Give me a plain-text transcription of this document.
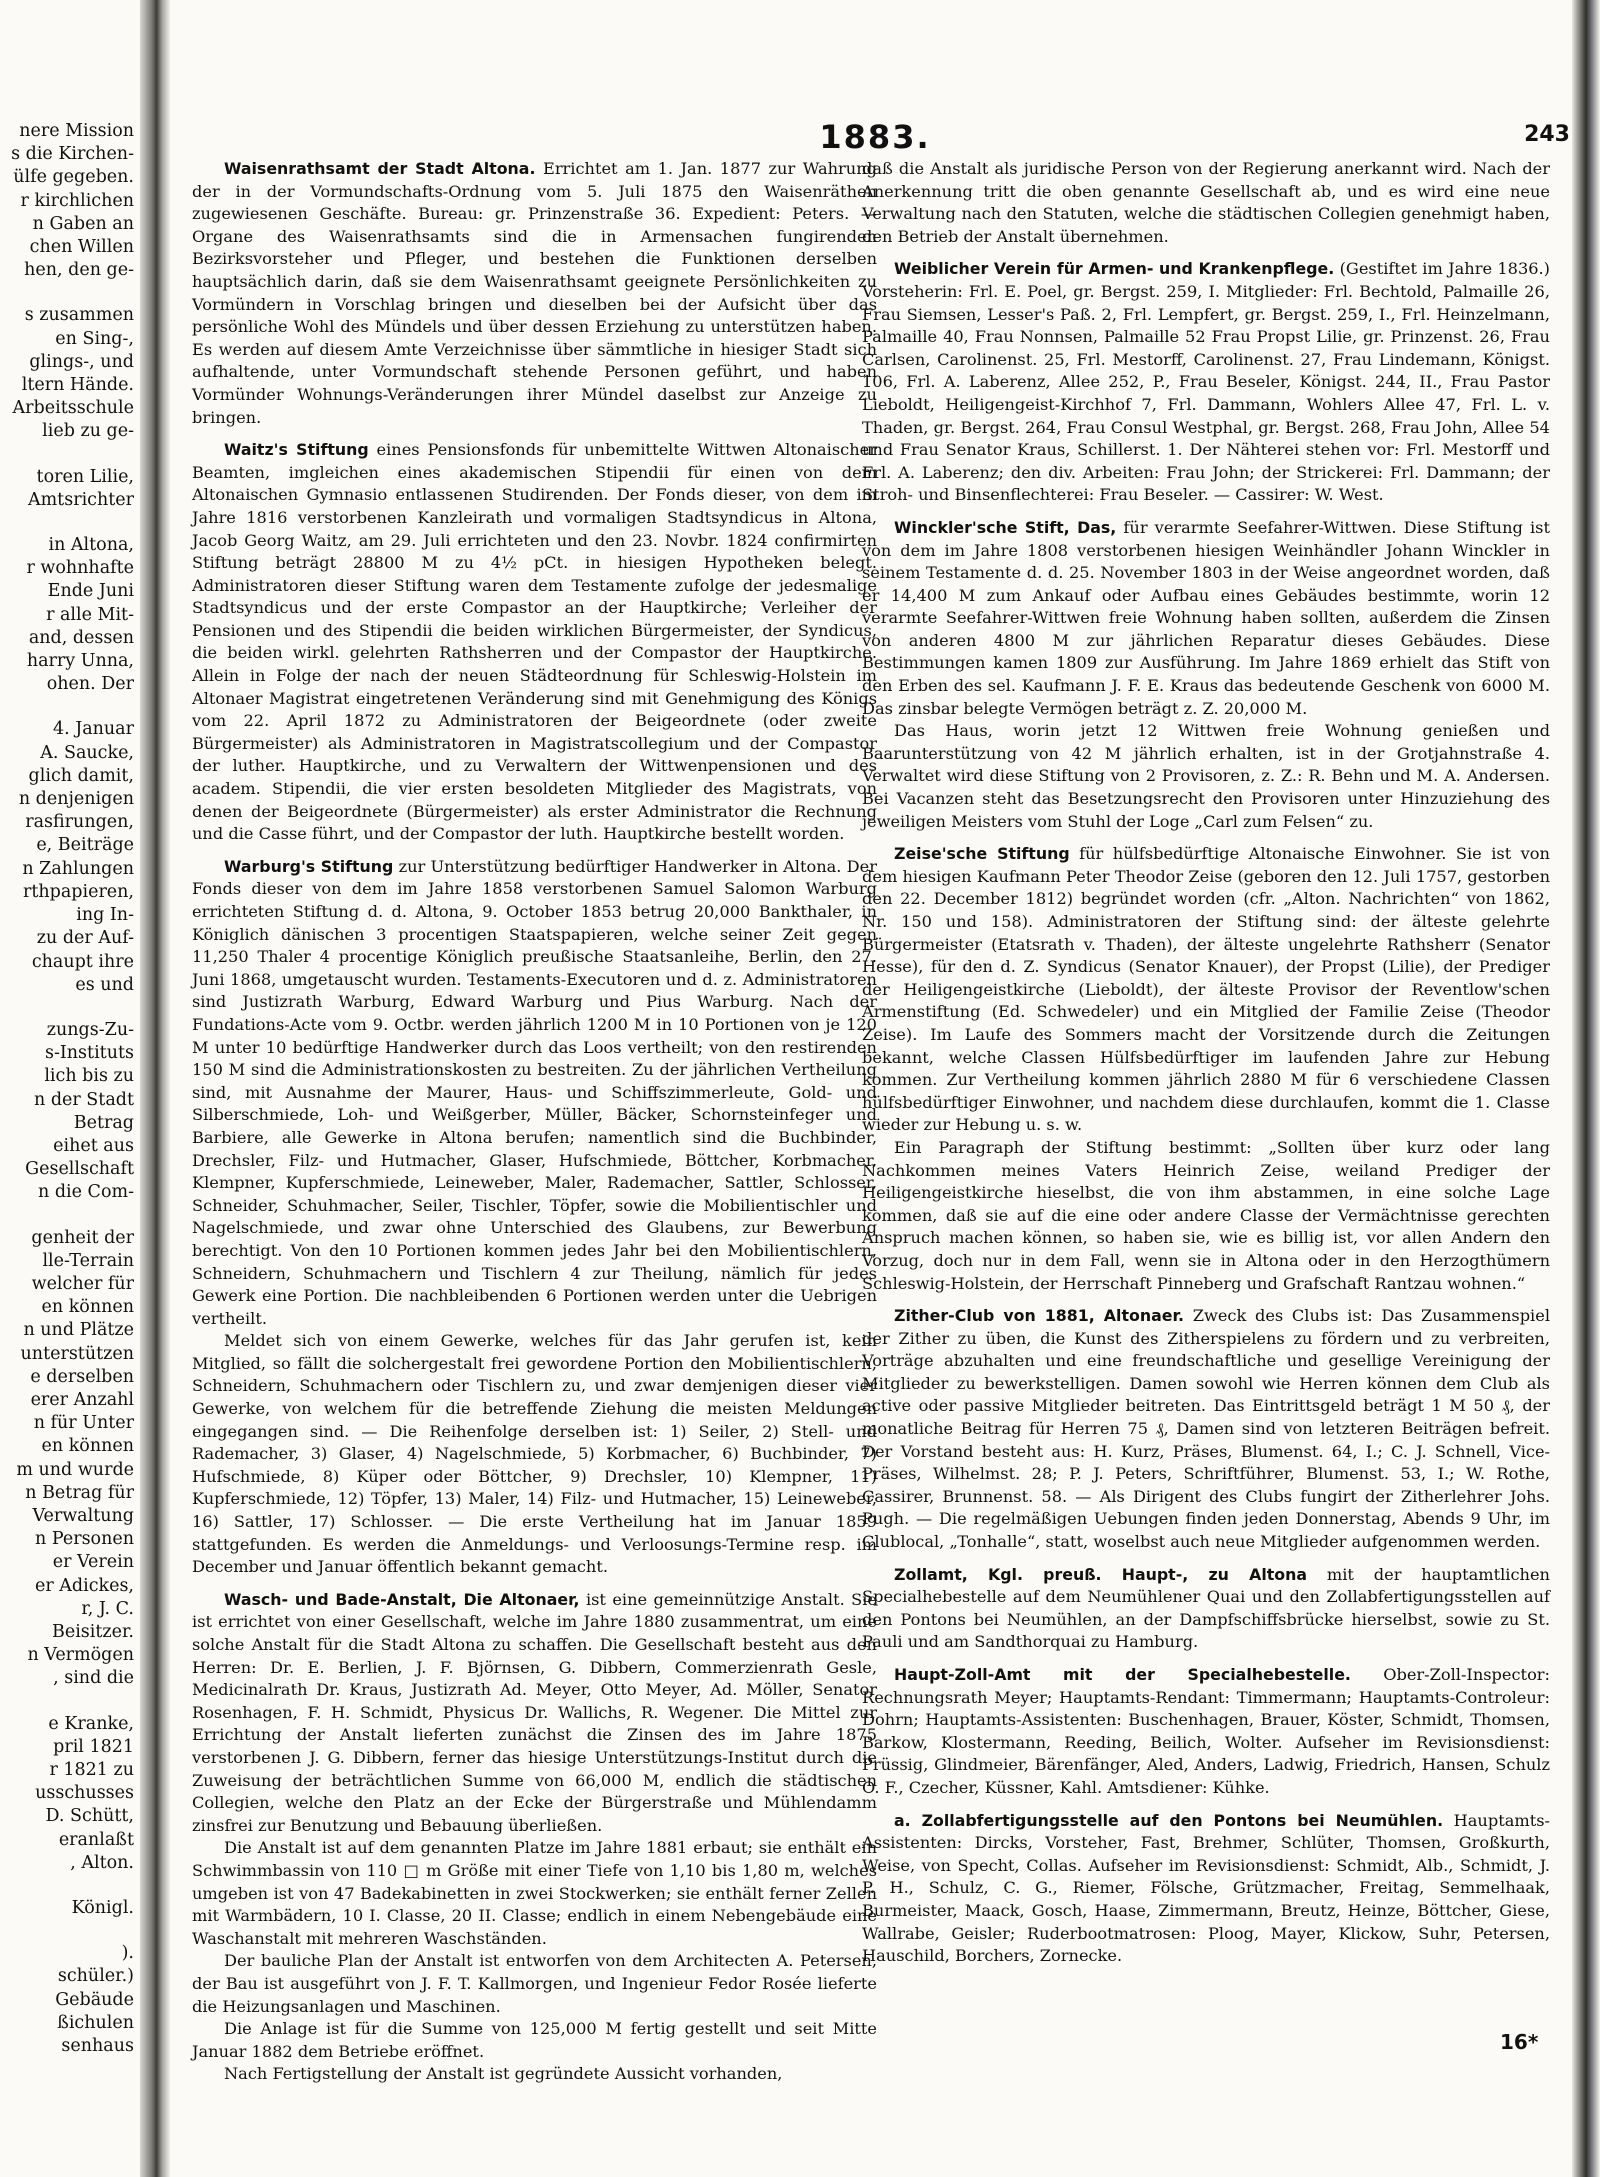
nere Mission
s die Kirchen-
ülfe gegeben.
r kirchlichen
n Gaben an
chen Willen
hen, den ge-
s zusammen
en Sing-,
glings-, und
ltern Hände.
Arbeitsschule
lieb zu ge-
toren Lilie,
Amtsrichter
in Altona,
r wohnhafte
Ende Juni
r alle Mit-
and, dessen
harry Unna,
ohen. Der
4. Januar
A. Saucke,
glich damit,
n denjenigen
rasfirungen,
e, Beiträge
n Zahlungen
rthpapieren,
ing In-
zu der Auf-
chaupt ihre
es und
zungs-Zu-
s-Instituts
lich bis zu
n der Stadt
Betrag
eihet aus
Gesellschaft
n die Com-
genheit der
lle-Terrain
welcher für
en können
n und Plätze
unterstützen
e derselben
erer Anzahl
n für Unter
en können
m und wurde
n Betrag für
Verwaltung
n Personen
er Verein
er Adickes,
r, J. C.
Beisitzer.
n Vermögen
, sind die
e Kranke,
pril 1821
r 1821 zu
usschusses
D. Schütt,
eranlaßt
, Alton.
Königl.
).
schüler.)
Gebäude
ßichulen
senhaus
1883.	243

Waisenrathsamt der Stadt Altona. Errichtet am 1. Jan. 1877 zur Wahrung der in der Vormundschafts-Ordnung vom 5. Juli 1875 den Waisenräthen zugewiesenen Geschäfte. Bureau: gr. Prinzenstraße 36. Expedient: Peters. — Organe des Waisenrathsamts sind die in Armensachen fungirenden Bezirksvorsteher und Pfleger, und bestehen die Funktionen derselben hauptsächlich darin, daß sie dem Waisenrathsamt geeignete Persönlichkeiten zu Vormündern in Vorschlag bringen und dieselben bei der Aufsicht über das persönliche Wohl des Mündels und über dessen Erziehung zu unterstützen haben. Es werden auf diesem Amte Verzeichnisse über sämmtliche in hiesiger Stadt sich aufhaltende, unter Vormundschaft stehende Personen geführt, und haben Vormünder Wohnungs-Veränderungen ihrer Mündel daselbst zur Anzeige zu bringen.

Waitz's Stiftung eines Pensionsfonds für unbemittelte Wittwen Altonaischer Beamten, imgleichen eines akademischen Stipendii für einen von dem Altonaischen Gymnasio entlassenen Studirenden. Der Fonds dieser, von dem im Jahre 1816 verstorbenen Kanzleirath und vormaligen Stadtsyndicus in Altona, Jacob Georg Waitz, am 29. Juli errichteten und den 23. Novbr. 1824 confirmirten Stiftung beträgt 28800 M zu 4½ pCt. in hiesigen Hypotheken belegt. Administratoren dieser Stiftung waren dem Testamente zufolge der jedesmalige Stadtsyndicus und der erste Compastor an der Hauptkirche; Verleiher der Pensionen und des Stipendii die beiden wirklichen Bürgermeister, der Syndicus, die beiden wirkl. gelehrten Rathsherren und der Compastor der Hauptkirche. Allein in Folge der nach der neuen Städteordnung für Schleswig-Holstein im Altonaer Magistrat eingetretenen Veränderung sind mit Genehmigung des Königs vom 22. April 1872 zu Administratoren der Beigeordnete (oder zweite Bürgermeister) als Administratoren in Magistratscollegium und der Compastor der luther. Hauptkirche, und zu Verwaltern der Wittwenpensionen und des academ. Stipendii, die vier ersten besoldeten Mitglieder des Magistrats, von denen der Beigeordnete (Bürgermeister) als erster Administrator die Rechnung und die Casse führt, und der Compastor der luth. Hauptkirche bestellt worden.

Warburg's Stiftung zur Unterstützung bedürftiger Handwerker in Altona. Der Fonds dieser von dem im Jahre 1858 verstorbenen Samuel Salomon Warburg errichteten Stiftung d. d. Altona, 9. October 1853 betrug 20,000 Bankthaler, in Königlich dänischen 3 procentigen Staatspapieren, welche seiner Zeit gegen 11,250 Thaler 4 procentige Königlich preußische Staatsanleihe, Berlin, den 27. Juni 1868, umgetauscht wurden. Testaments-Executoren und d. z. Administratoren sind Justizrath Warburg, Edward Warburg und Pius Warburg. Nach der Fundations-Acte vom 9. Octbr. werden jährlich 1200 M in 10 Portionen von je 120 M unter 10 bedürftige Handwerker durch das Loos vertheilt; von den restirenden 150 M sind die Administrationskosten zu bestreiten. Zu der jährlichen Vertheilung sind, mit Ausnahme der Maurer, Haus- und Schiffszimmerleute, Gold- und Silberschmiede, Loh- und Weißgerber, Müller, Bäcker, Schornsteinfeger und Barbiere, alle Gewerke in Altona berufen; namentlich sind die Buchbinder, Drechsler, Filz- und Hutmacher, Glaser, Hufschmiede, Böttcher, Korbmacher, Klempner, Kupferschmiede, Leineweber, Maler, Rademacher, Sattler, Schlosser, Schneider, Schuhmacher, Seiler, Tischler, Töpfer, sowie die Mobilientischler und Nagelschmiede, und zwar ohne Unterschied des Glaubens, zur Bewerbung berechtigt. Von den 10 Portionen kommen jedes Jahr bei den Mobilientischlern, Schneidern, Schuhmachern und Tischlern 4 zur Theilung, nämlich für jedes Gewerk eine Portion. Die nachbleibenden 6 Portionen werden unter die Uebrigen vertheilt.

Meldet sich von einem Gewerke, welches für das Jahr gerufen ist, kein Mitglied, so fällt die solchergestalt frei gewordene Portion den Mobilientischlern, Schneidern, Schuhmachern oder Tischlern zu, und zwar demjenigen dieser vier Gewerke, von welchem für die betreffende Ziehung die meisten Meldungen eingegangen sind. — Die Reihenfolge derselben ist: 1) Seiler, 2) Stell- und Rademacher, 3) Glaser, 4) Nagelschmiede, 5) Korbmacher, 6) Buchbinder, 7) Hufschmiede, 8) Küper oder Böttcher, 9) Drechsler, 10) Klempner, 11) Kupferschmiede, 12) Töpfer, 13) Maler, 14) Filz- und Hutmacher, 15) Leineweber, 16) Sattler, 17) Schlosser. — Die erste Vertheilung hat im Januar 1859 stattgefunden. Es werden die Anmeldungs- und Verloosungs-Termine resp. im December und Januar öffentlich bekannt gemacht.

Wasch- und Bade-Anstalt, Die Altonaer, ist eine gemeinnützige Anstalt. Sie ist errichtet von einer Gesellschaft, welche im Jahre 1880 zusammentrat, um eine solche Anstalt für die Stadt Altona zu schaffen. Die Gesellschaft besteht aus den Herren: Dr. E. Berlien, J. F. Björnsen, G. Dibbern, Commerzienrath Gesle, Medicinalrath Dr. Kraus, Justizrath Ad. Meyer, Otto Meyer, Ad. Möller, Senator Rosenhagen, F. H. Schmidt, Physicus Dr. Wallichs, R. Wegener. Die Mittel zur Errichtung der Anstalt lieferten zunächst die Zinsen des im Jahre 1875 verstorbenen J. G. Dibbern, ferner das hiesige Unterstützungs-Institut durch die Zuweisung der beträchtlichen Summe von 66,000 M, endlich die städtischen Collegien, welche den Platz an der Ecke der Bürgerstraße und Mühlendamm zinsfrei zur Benutzung und Bebauung überließen.

Die Anstalt ist auf dem genannten Platze im Jahre 1881 erbaut; sie enthält ein Schwimmbassin von 110 □ m Größe mit einer Tiefe von 1,10 bis 1,80 m, welches umgeben ist von 47 Badekabinetten in zwei Stockwerken; sie enthält ferner Zellen mit Warmbädern, 10 I. Classe, 20 II. Classe; endlich in einem Nebengebäude eine Waschanstalt mit mehreren Waschständen.

Der bauliche Plan der Anstalt ist entworfen von dem Architecten A. Petersen, der Bau ist ausgeführt von J. F. T. Kallmorgen, und Ingenieur Fedor Rosée lieferte die Heizungsanlagen und Maschinen.

Die Anlage ist für die Summe von 125,000 M fertig gestellt und seit Mitte Januar 1882 dem Betriebe eröffnet.

Nach Fertigstellung der Anstalt ist gegründete Aussicht vorhanden,

daß die Anstalt als juridische Person von der Regierung anerkannt wird. Nach der Anerkennung tritt die oben genannte Gesellschaft ab, und es wird eine neue Verwaltung nach den Statuten, welche die städtischen Collegien genehmigt haben, den Betrieb der Anstalt übernehmen.

Weiblicher Verein für Armen- und Krankenpflege. (Gestiftet im Jahre 1836.) Vorsteherin: Frl. E. Poel, gr. Bergst. 259, I. Mitglieder: Frl. Bechtold, Palmaille 26, Frau Siemsen, Lesser's Paß. 2, Frl. Lempfert, gr. Bergst. 259, I., Frl. Heinzelmann, Palmaille 40, Frau Nonnsen, Palmaille 52 Frau Propst Lilie, gr. Prinzenst. 26, Frau Carlsen, Carolinenst. 25, Frl. Mestorff, Carolinenst. 27, Frau Lindemann, Königst. 106, Frl. A. Laberenz, Allee 252, P., Frau Beseler, Königst. 244, II., Frau Pastor Lieboldt, Heiligengeist-Kirchhof 7, Frl. Dammann, Wohlers Allee 47, Frl. L. v. Thaden, gr. Bergst. 264, Frau Consul Westphal, gr. Bergst. 268, Frau John, Allee 54 und Frau Senator Kraus, Schillerst. 1. Der Nähterei stehen vor: Frl. Mestorff und Frl. A. Laberenz; den div. Arbeiten: Frau John; der Strickerei: Frl. Dammann; der Stroh- und Binsenflechterei: Frau Beseler. — Cassirer: W. West.

Winckler'sche Stift, Das, für verarmte Seefahrer-Wittwen. Diese Stiftung ist von dem im Jahre 1808 verstorbenen hiesigen Weinhändler Johann Winckler in seinem Testamente d. d. 25. November 1803 in der Weise angeordnet worden, daß er 14,400 M zum Ankauf oder Aufbau eines Gebäudes bestimmte, worin 12 verarmte Seefahrer-Wittwen freie Wohnung haben sollten, außerdem die Zinsen von anderen 4800 M zur jährlichen Reparatur dieses Gebäudes. Diese Bestimmungen kamen 1809 zur Ausführung. Im Jahre 1869 erhielt das Stift von den Erben des sel. Kaufmann J. F. E. Kraus das bedeutende Geschenk von 6000 M. Das zinsbar belegte Vermögen beträgt z. Z. 20,000 M.

Das Haus, worin jetzt 12 Wittwen freie Wohnung genießen und Baarunterstützung von 42 M jährlich erhalten, ist in der Grotjahnstraße 4. Verwaltet wird diese Stiftung von 2 Provisoren, z. Z.: R. Behn und M. A. Andersen. Bei Vacanzen steht das Besetzungsrecht den Provisoren unter Hinzuziehung des jeweiligen Meisters vom Stuhl der Loge „Carl zum Felsen“ zu.

Zeise'sche Stiftung für hülfsbedürftige Altonaische Einwohner. Sie ist von dem hiesigen Kaufmann Peter Theodor Zeise (geboren den 12. Juli 1757, gestorben den 22. December 1812) begründet worden (cfr. „Alton. Nachrichten“ von 1862, Nr. 150 und 158). Administratoren der Stiftung sind: der älteste gelehrte Bürgermeister (Etatsrath v. Thaden), der älteste ungelehrte Rathsherr (Senator Hesse), für den d. Z. Syndicus (Senator Knauer), der Propst (Lilie), der Prediger der Heiligengeistkirche (Lieboldt), der älteste Provisor der Reventlow'schen Armenstiftung (Ed. Schwedeler) und ein Mitglied der Familie Zeise (Theodor Zeise). Im Laufe des Sommers macht der Vorsitzende durch die Zeitungen bekannt, welche Classen Hülfsbedürftiger im laufenden Jahre zur Hebung kommen. Zur Vertheilung kommen jährlich 2880 M für 6 verschiedene Classen hülfsbedürftiger Einwohner, und nachdem diese durchlaufen, kommt die 1. Classe wieder zur Hebung u. s. w.

Ein Paragraph der Stiftung bestimmt: „Sollten über kurz oder lang Nachkommen meines Vaters Heinrich Zeise, weiland Prediger der Heiligengeistkirche hieselbst, die von ihm abstammen, in eine solche Lage kommen, daß sie auf die eine oder andere Classe der Vermächtnisse gerechten Anspruch machen können, so haben sie, wie es billig ist, vor allen Andern den Vorzug, doch nur in dem Fall, wenn sie in Altona oder in den Herzogthümern Schleswig-Holstein, der Herrschaft Pinneberg und Grafschaft Rantzau wohnen.“

Zither-Club von 1881, Altonaer. Zweck des Clubs ist: Das Zusammenspiel der Zither zu üben, die Kunst des Zitherspielens zu fördern und zu verbreiten, Vorträge abzuhalten und eine freundschaftliche und gesellige Vereinigung der Mitglieder zu bewerkstelligen. Damen sowohl wie Herren können dem Club als active oder passive Mitglieder beitreten. Das Eintrittsgeld beträgt 1 M 50 ₰, der monatliche Beitrag für Herren 75 ₰, Damen sind von letzteren Beiträgen befreit. Der Vorstand besteht aus: H. Kurz, Präses, Blumenst. 64, I.; C. J. Schnell, Vice-Präses, Wilhelmst. 28; P. J. Peters, Schriftführer, Blumenst. 53, I.; W. Rothe, Cassirer, Brunnenst. 58. — Als Dirigent des Clubs fungirt der Zitherlehrer Johs. Pugh. — Die regelmäßigen Uebungen finden jeden Donnerstag, Abends 9 Uhr, im Clublocal, „Tonhalle“, statt, woselbst auch neue Mitglieder aufgenommen werden.

Zollamt, Kgl. preuß. Haupt-, zu Altona mit der hauptamtlichen Specialhebestelle auf dem Neumühlener Quai und den Zollabfertigungsstellen auf den Pontons bei Neumühlen, an der Dampfschiffsbrücke hierselbst, sowie zu St. Pauli und am Sandthorquai zu Hamburg.

Haupt-Zoll-Amt mit der Specialhebestelle. Ober-Zoll-Inspector: Rechnungsrath Meyer; Hauptamts-Rendant: Timmermann; Hauptamts-Controleur: Dohrn; Hauptamts-Assistenten: Buschenhagen, Brauer, Köster, Schmidt, Thomsen, Barkow, Klostermann, Reeding, Beilich, Wolter. Aufseher im Revisionsdienst: Prüssig, Glindmeier, Bärenfänger, Aled, Anders, Ladwig, Friedrich, Hansen, Schulz O. F., Czecher, Küssner, Kahl. Amtsdiener: Kühke.

a. Zollabfertigungsstelle auf den Pontons bei Neumühlen. Hauptamts-Assistenten: Dircks, Vorsteher, Fast, Brehmer, Schlüter, Thomsen, Großkurth, Weise, von Specht, Collas. Aufseher im Revisionsdienst: Schmidt, Alb., Schmidt, J. P. H., Schulz, C. G., Riemer, Fölsche, Grützmacher, Freitag, Semmelhaak, Burmeister, Maack, Gosch, Haase, Zimmermann, Breutz, Heinze, Böttcher, Giese, Wallrabe, Geisler; Ruderbootmatrosen: Ploog, Mayer, Klickow, Suhr, Petersen, Hauschild, Borchers, Zornecke.

16*
